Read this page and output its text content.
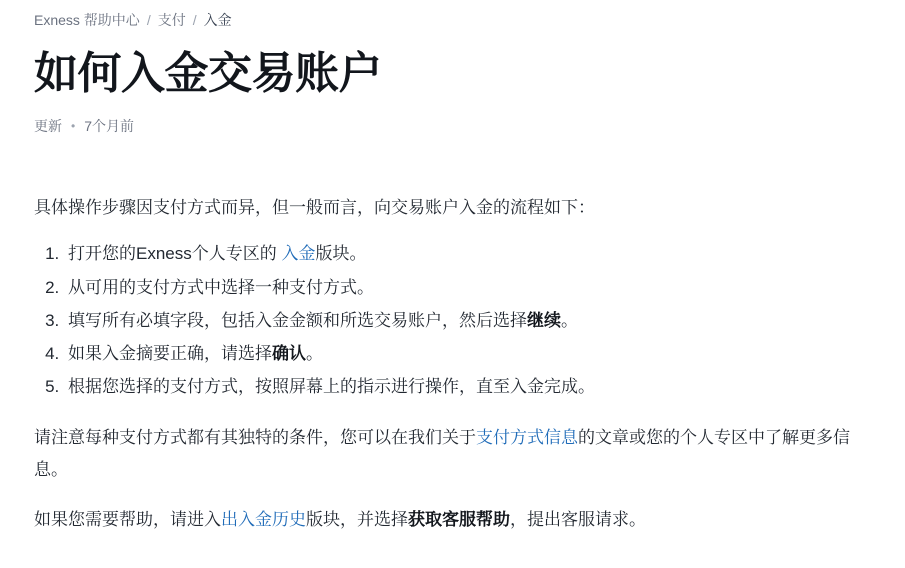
Exness 帮助中心 / 支付 / 入金
如何入金交易账户
更新 • 7个月前

具体操作步骤因支付方式而异，但一般而言，向交易账户入金的流程如下：

1. 打开您的Exness个人专区的 入金版块。
2. 从可用的支付方式中选择一种支付方式。
3. 填写所有必填字段，包括入金金额和所选交易账户，然后选择继续。
4. 如果入金摘要正确，请选择确认。
5. 根据您选择的支付方式，按照屏幕上的指示进行操作，直至入金完成。

请注意每种支付方式都有其独特的条件，您可以在我们关于支付方式信息的文章或您的个人专区中了解更多信息。

如果您需要帮助，请进入出入金历史版块，并选择获取客服帮助，提出客服请求。
